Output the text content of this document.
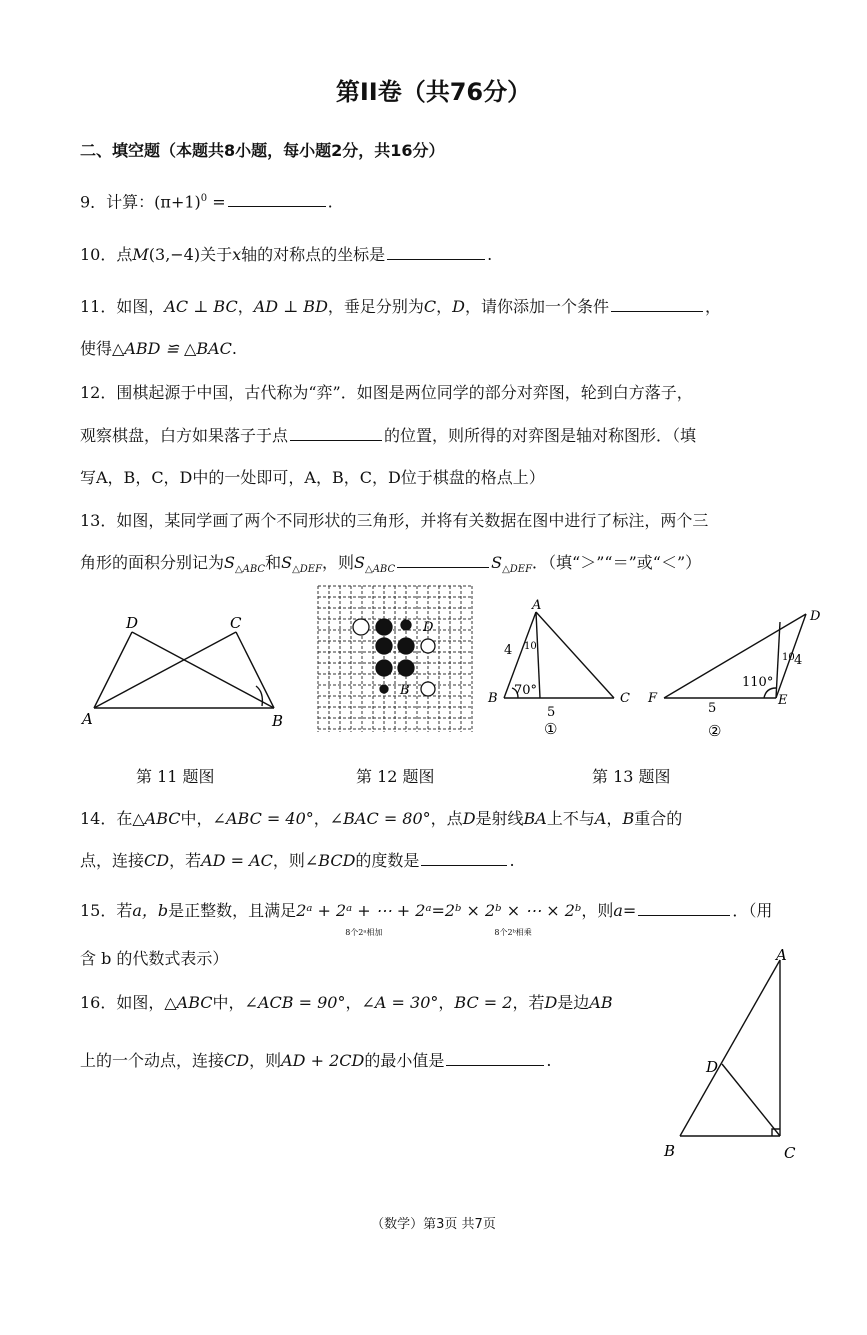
第II卷（共76分）
二、填空题（本题共8小题，每小题2分，共16分）
9．计算：$(\pi+1)^0$ =	.
10．点M(3,−4)关于x轴的对称点的坐标是	.
11．如图，AC ⊥ BC，AD ⊥ BD，垂足分别为C，D，请你添加一个条件	，
使得△ABD ≌ △BAC.
12．围棋起源于中国，古代称为“弈”．如图是两位同学的部分对弈图，轮到白方落子，
观察棋盘，白方如果落子于点	的位置，则所得的对弈图是轴对称图形．（填
写A，B，C，D中的一处即可，A，B，C，D位于棋盘的格点上）
13．如图，某同学画了两个不同形状的三角形，并将有关数据在图中进行了标注，两个三
角形的面积分别记为$S_{\triangle ABC}$和$S_{\triangle DEF}$，则$S_{\triangle ABC}$	$S_{\triangle DEF}$．（填“＞”“＝”或“＜”）
D	C
A	B
D
B
A
B	C
4 10
70°
5
①
D
E
F
4
10
110°
5
②
第 11 题图	第 12 题图	第 13 题图
14．在△ABC中，∠ABC = 40°，∠BAC = 80°，点D是射线BA上不与A，B重合的
点，连接CD，若AD = AC，则∠BCD的度数是	.
15．若a，b是正整数，且满足2ᵃ + 2ᵃ + ⋯ + 2ᵃ
8个2ᵃ相加
=2ᵇ × 2ᵇ × ⋯ × 2ᵇ
8个2ᵇ相乘
，则a=	．（用
含 b 的代数式表示）
16．如图，△ABC中，∠ACB = 90°，∠A = 30°，BC = 2，若D是边AB
上的一个动点，连接CD，则AD + 2CD的最小值是	.
A
D
B	C
（数学）第3页 共7页
